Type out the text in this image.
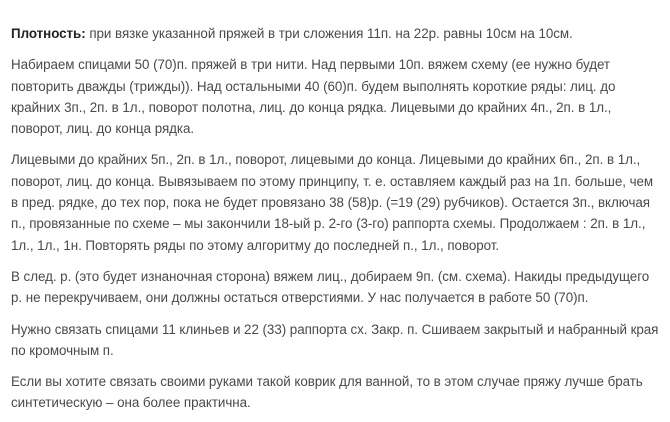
Плотность: при вязке указанной пряжей в три сложения 11п. на 22р. равны 10см на 10см.

Набираем спицами 50 (70)п. пряжей в три нити. Над первыми 10п. вяжем схему (ее нужно будет повторить дважды (трижды)). Над остальными 40 (60)п. будем выполнять короткие ряды: лиц. до крайних 3п., 2п. в 1л., поворот полотна, лиц. до конца рядка. Лицевыми до крайних 4п., 2п. в 1л., поворот, лиц. до конца рядка.

Лицевыми до крайних 5п., 2п. в 1л., поворот, лицевыми до конца. Лицевыми до крайних 6п., 2п. в 1л., поворот, лиц. до конца. Вывязываем по этому принципу, т. е. оставляем каждый раз на 1п. больше, чем в пред. рядке, до тех пор, пока не будет провязано 38 (58)р. (=19 (29) рубчиков). Остается 3п., включая п., провязанные по схеме – мы закончили 18-ый р. 2-го (3-го) раппорта схемы. Продолжаем : 2п. в 1л., 1л., 1л., 1н. Повторять ряды по этому алгоритму до последней п., 1л., поворот.

В след. р. (это будет изнаночная сторона) вяжем лиц., добираем 9п. (см. схема). Накиды предыдущего р. не перекручиваем, они должны остаться отверстиями. У нас получается в работе 50 (70)п.

Нужно связать спицами 11 клиньев и 22 (33) раппорта сх. Закр. п. Сшиваем закрытый и набранный края по кромочным п.

Если вы хотите связать своими руками такой коврик для ванной, то в этом случае пряжу лучше брать синтетическую – она более практична.
